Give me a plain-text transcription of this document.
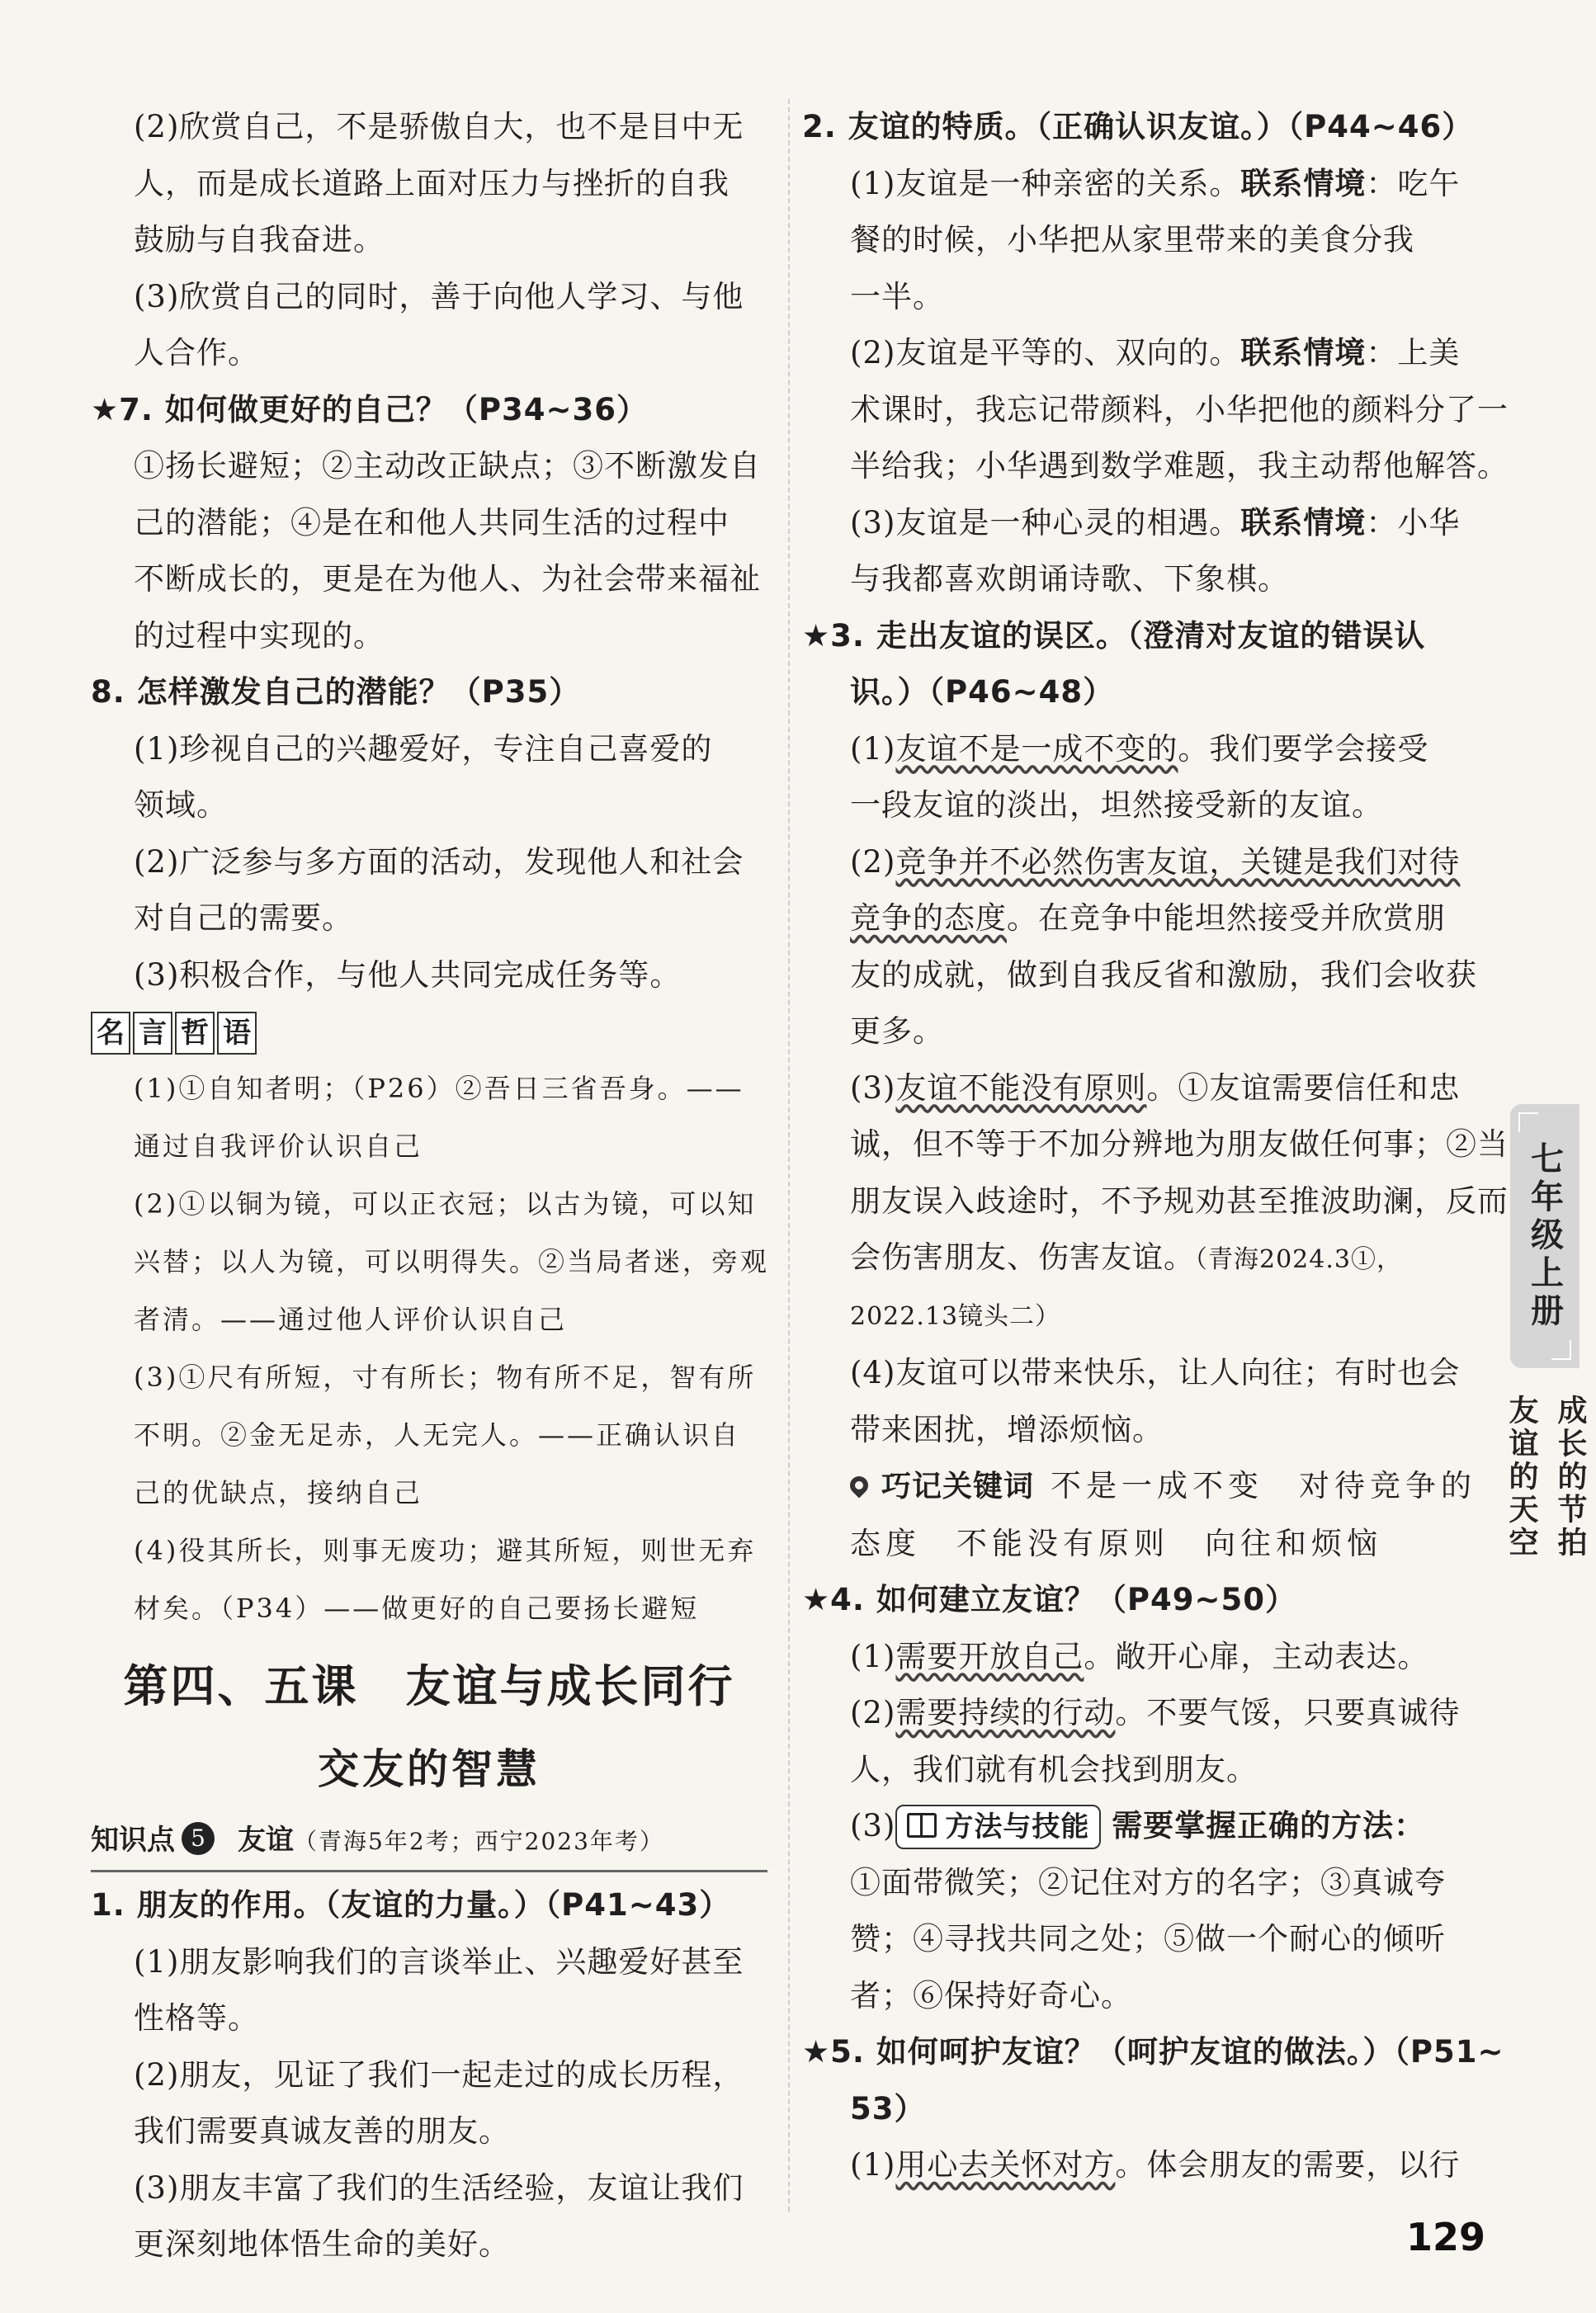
(2)欣赏自己，不是骄傲自大，也不是目中无
人，而是成长道路上面对压力与挫折的自我
鼓励与自我奋进。
(3)欣赏自己的同时，善于向他人学习、与他
人合作。
★7. 如何做更好的自己？（P34~36）
①扬长避短；②主动改正缺点；③不断激发自
己的潜能；④是在和他人共同生活的过程中
不断成长的，更是在为他人、为社会带来福祉
的过程中实现的。
8. 怎样激发自己的潜能？（P35）
(1)珍视自己的兴趣爱好，专注自己喜爱的
领域。
(2)广泛参与多方面的活动，发现他人和社会
对自己的需要。
(3)积极合作，与他人共同完成任务等。
名 言 哲 语
(1)①自知者明；（P26）②吾日三省吾身。——
通过自我评价认识自己
(2)①以铜为镜，可以正衣冠；以古为镜，可以知
兴替；以人为镜，可以明得失。②当局者迷，旁观
者清。——通过他人评价认识自己
(3)①尺有所短，寸有所长；物有所不足，智有所
不明。②金无足赤，人无完人。——正确认识自
己的优缺点，接纳自己
(4)役其所长，则事无废功；避其所短，则世无弃
材矣。（P34）——做更好的自己要扬长避短
第四、五课　友谊与成长同行
交友的智慧
知识点 5 友谊（青海5年2考；西宁2023年考）
1. 朋友的作用。（友谊的力量。）（P41~43）
(1)朋友影响我们的言谈举止、兴趣爱好甚至
性格等。
(2)朋友，见证了我们一起走过的成长历程，
我们需要真诚友善的朋友。
(3)朋友丰富了我们的生活经验，友谊让我们
更深刻地体悟生命的美好。
2. 友谊的特质。（正确认识友谊。）（P44~46）
(1)友谊是一种亲密的关系。联系情境：吃午
餐的时候，小华把从家里带来的美食分我
一半。
(2)友谊是平等的、双向的。联系情境：上美
术课时，我忘记带颜料，小华把他的颜料分了一
半给我；小华遇到数学难题，我主动帮他解答。
(3)友谊是一种心灵的相遇。联系情境：小华
与我都喜欢朗诵诗歌、下象棋。
★3. 走出友谊的误区。（澄清对友谊的错误认
识。）（P46~48）
(1)友谊不是一成不变的。我们要学会接受
一段友谊的淡出，坦然接受新的友谊。
(2)竞争并不必然伤害友谊，关键是我们对待
竞争的态度。在竞争中能坦然接受并欣赏朋
友的成就，做到自我反省和激励，我们会收获
更多。
(3)友谊不能没有原则。①友谊需要信任和忠
诚，但不等于不加分辨地为朋友做任何事；②当
朋友误入歧途时，不予规劝甚至推波助澜，反而
会伤害朋友、伤害友谊。（青海2024.3①，
2022.13镜头二）
(4)友谊可以带来快乐，让人向往；有时也会
带来困扰，增添烦恼。
巧记关键词 不是一成不变　对待竞争的
态度　不能没有原则　向往和烦恼
★4. 如何建立友谊？（P49~50）
(1)需要开放自己。敞开心扉，主动表达。
(2)需要持续的行动。不要气馁，只要真诚待
人，我们就有机会找到朋友。
(3) 方法与技能 需要掌握正确的方法：
①面带微笑；②记住对方的名字；③真诚夸
赞；④寻找共同之处；⑤做一个耐心的倾听
者；⑥保持好奇心。
★5. 如何呵护友谊？（呵护友谊的做法。）（P51~
53）
(1)用心去关怀对方。体会朋友的需要，以行
七年级上册
成长的节拍
友谊的天空
129
